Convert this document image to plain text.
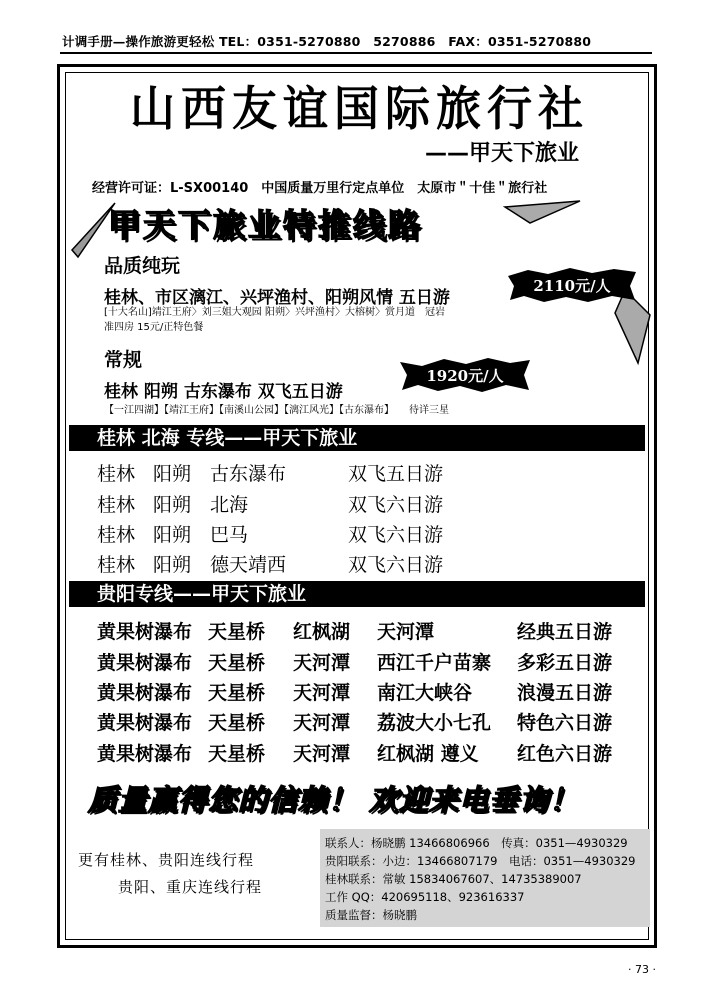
计调手册—操作旅游更轻松 TEL：0351-5270880　5270886　FAX：0351-5270880
山西友谊国际旅行社
——甲天下旅业
经营许可证：L-SX00140　中国质量万里行定点单位　太原市＂十佳＂旅行社
甲天下旅业特推线路
品质纯玩
桂林、市区漓江、兴坪渔村、阳朔风情 五日游
[十大名山]靖江王府〉刘三姐大观园 阳朔〉兴坪渔村〉大榕树〉赏月道　冠岩
准四房 15元/正特色餐
2110元/人
常规
桂林 阳朔 古东瀑布 双飞五日游
1920元/人
【一江四湖】【靖江王府】【南溪山公园】【漓江风光】【古东瀑布】　　待详三星
桂林 北海 专线——甲天下旅业
桂林 阳朔 古东瀑布	双飞五日游
桂林 阳朔 北海	双飞六日游
桂林 阳朔 巴马	双飞六日游
桂林 阳朔 德天靖西	双飞六日游
贵阳专线——甲天下旅业
黄果树瀑布 天星桥 红枫湖 天河潭	经典五日游
黄果树瀑布 天星桥 天河潭 西江千户苗寨 多彩五日游
黄果树瀑布 天星桥 天河潭 南江大峡谷 浪漫五日游
黄果树瀑布 天星桥 天河潭 荔波大小七孔 特色六日游
黄果树瀑布 天星桥 天河潭 红枫湖 遵义 红色六日游
质量赢得您的信赖！ 欢迎来电垂询！
更有桂林、贵阳连线行程
贵阳、重庆连线行程
联系人：杨晓鹏 13466806966　传真：0351—4930329
贵阳联系：小边：13466807179　电话：0351—4930329
桂林联系：常敏 15834067607、14735389007
工作 QQ：420695118、923616337
质量监督：杨晓鹏
· 73 ·
